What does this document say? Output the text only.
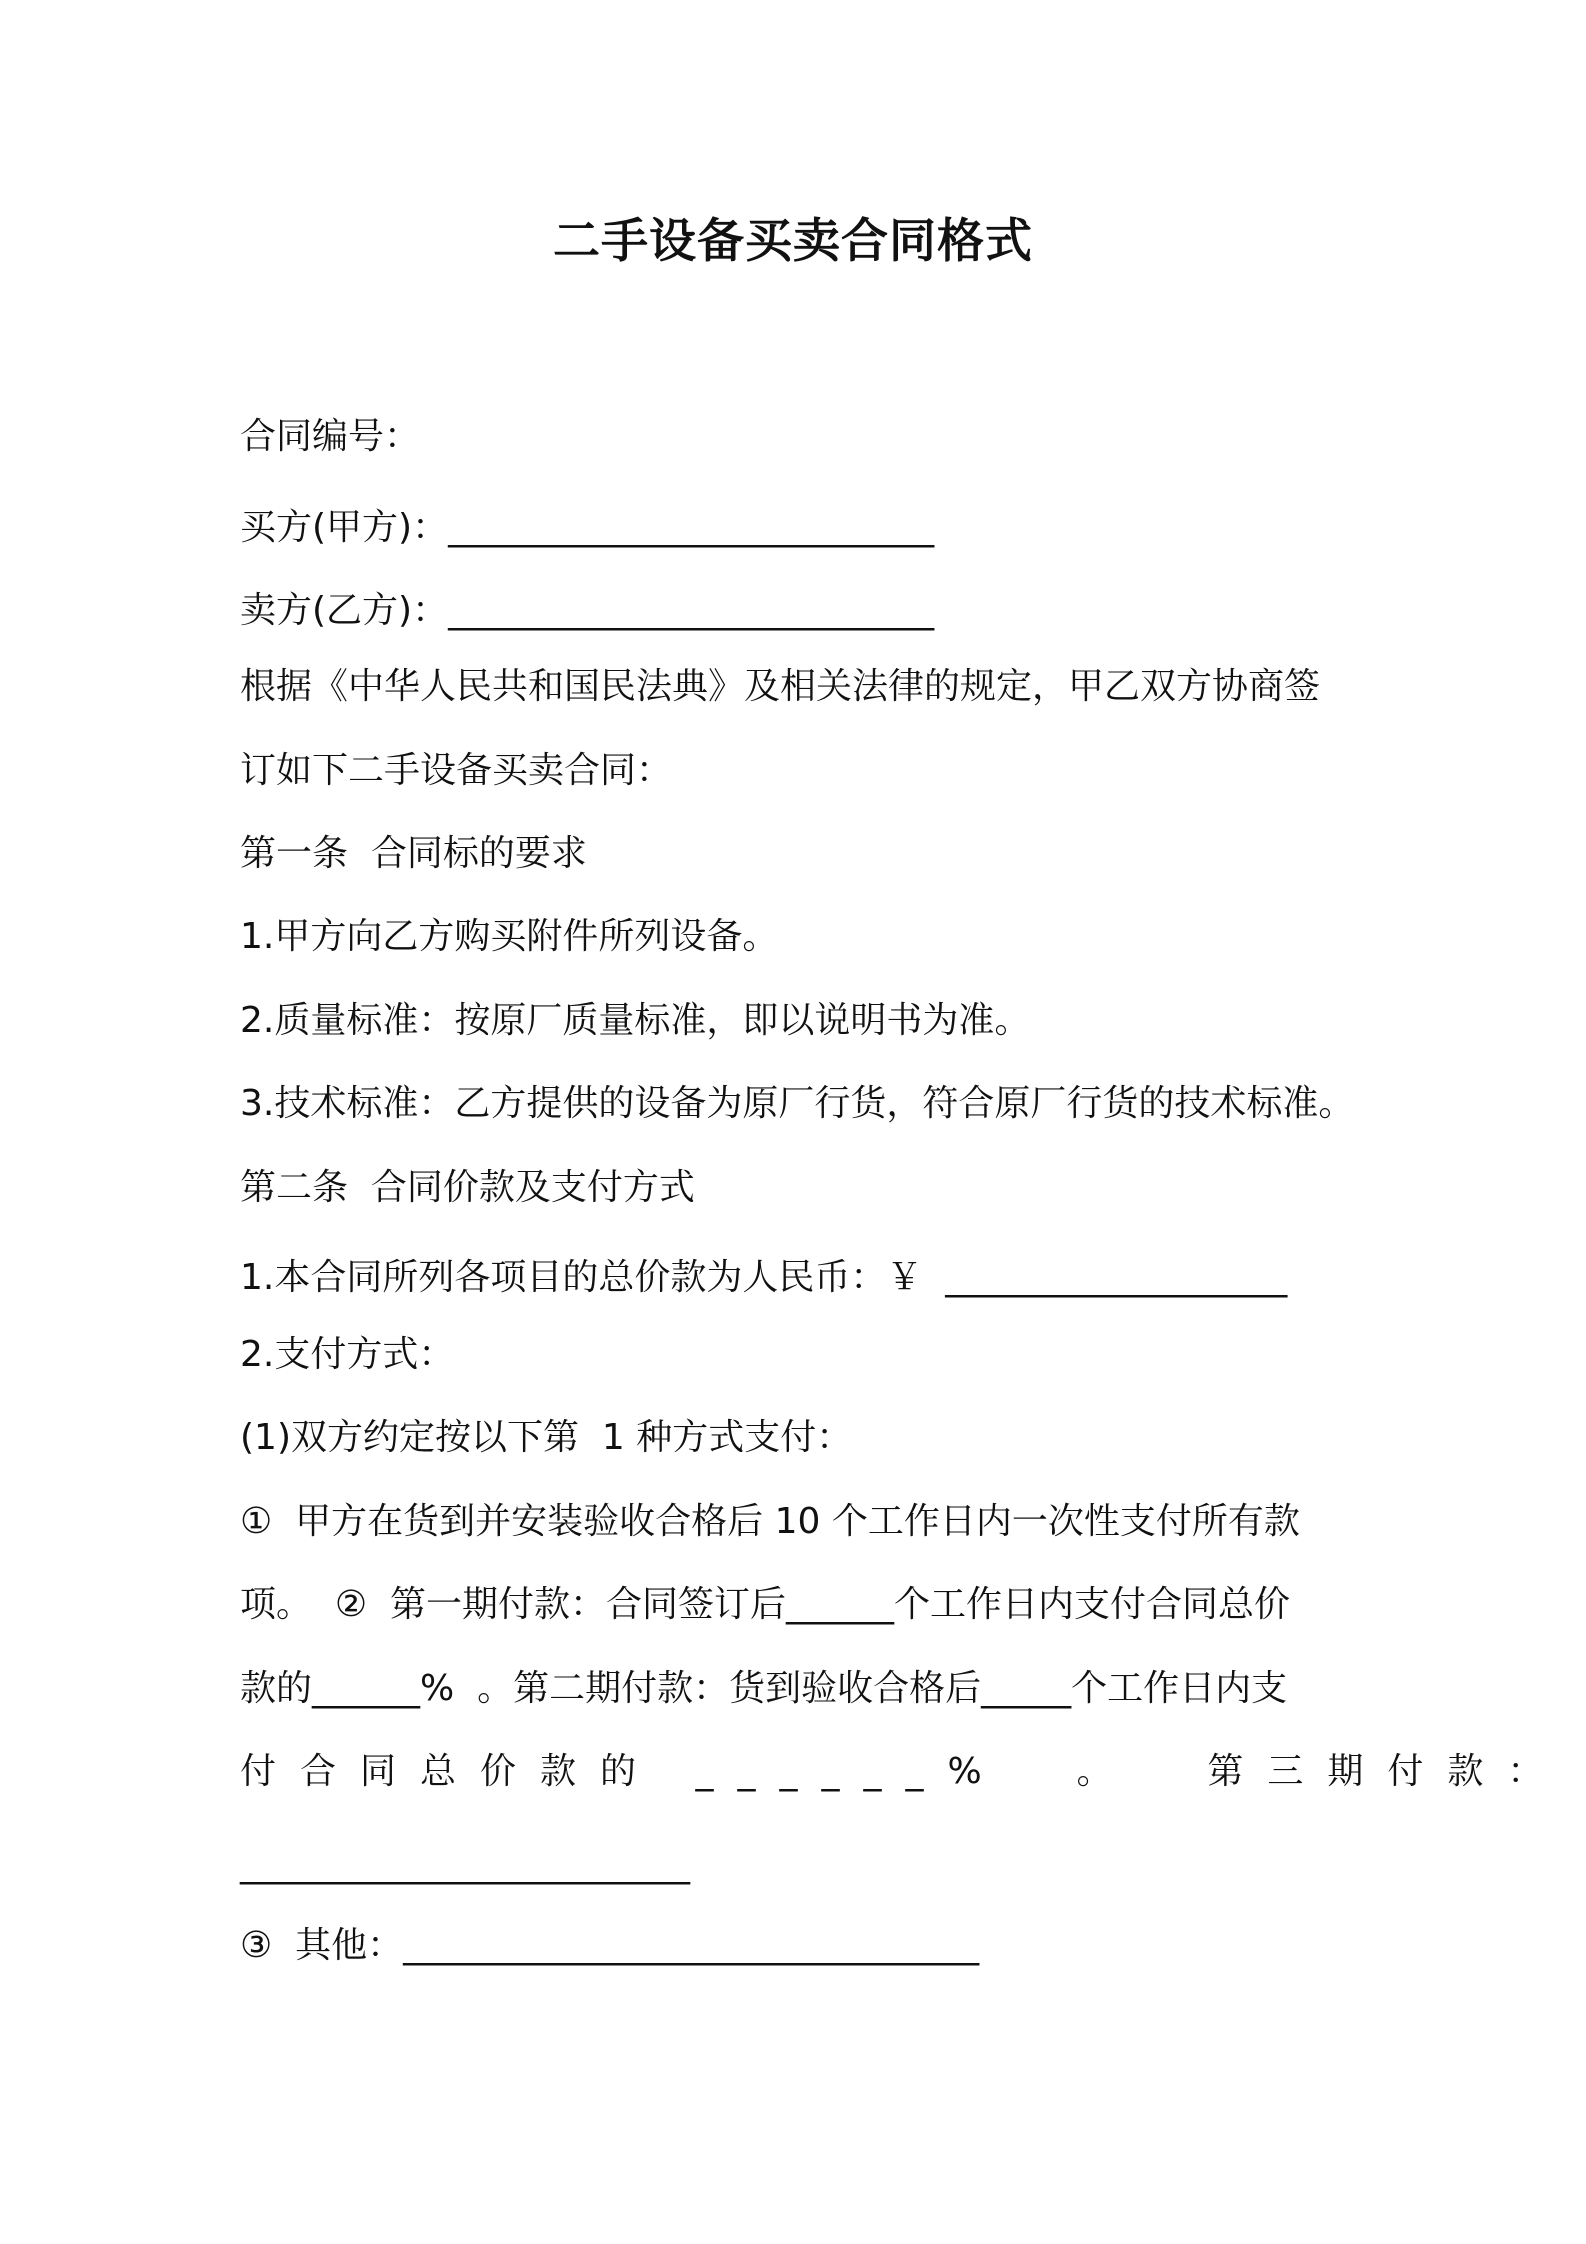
二手设备买卖合同格式
合同编号：
买方(甲方)：___________________________
卖方(乙方)：___________________________
根据《中华人民共和国民法典》及相关法律的规定，甲乙双方协商签
订如下二手设备买卖合同：
第一条  合同标的要求
1.甲方向乙方购买附件所列设备。
2.质量标准：按原厂质量标准，即以说明书为准。
3.技术标准：乙方提供的设备为原厂行货，符合原厂行货的技术标准。
第二条  合同价款及支付方式
1.本合同所列各项目的总价款为人民币：￥  ___________________
2.支付方式：
(1)双方约定按以下第  1 种方式支付：
①  甲方在货到并安装验收合格后 10 个工作日内一次性支付所有款
项。  ②  第一期付款：合同签订后______个工作日内支付合同总价
款的______%  。第二期付款：货到验收合格后_____个工作日内支
付合同总价款的 ______%  。  第三期付款：
_________________________
③  其他：________________________________
